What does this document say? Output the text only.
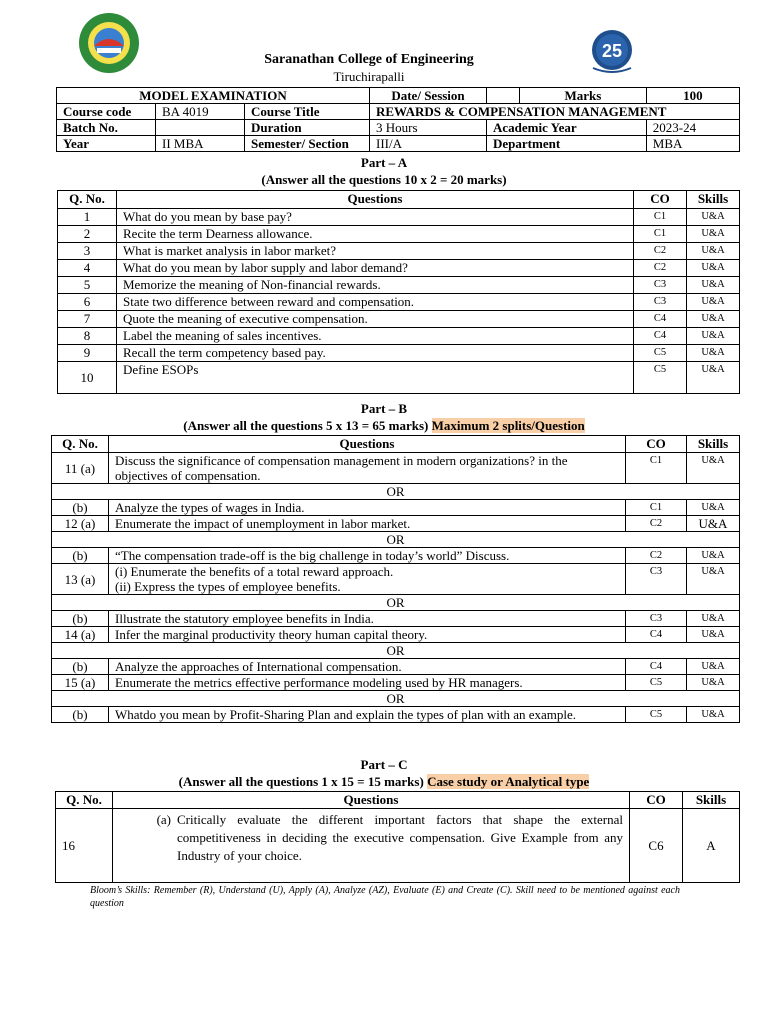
25
Saranathan College of Engineering
Tiruchirapalli
MODEL EXAMINATION			Date/ Session		Marks	100
Course code	BA 4019	Course Title	REWARDS & COMPENSATION MANAGEMENT			
Batch No.		Duration	3 Hours	Academic Year		2023-24
Year	II MBA	Semester/ Section	III/A	Department		MBA
Part – A
(Answer all the questions 10 x 2 = 20 marks)
Q. No.	Questions	CO	Skills
1	What do you mean by base pay?	C1	U&A
2	Recite the term Dearness allowance.	C1	U&A
3	What is market analysis in labor market?	C2	U&A
4	What do you mean by labor supply and labor demand?	C2	U&A
5	Memorize the meaning of Non-financial rewards.	C3	U&A
6	State two difference between reward and compensation.	C3	U&A
7	Quote the meaning of executive compensation.	C4	U&A
8	Label the meaning of sales incentives.	C4	U&A
9	Recall the term competency based pay.	C5	U&A
10	Define ESOPs	C5	U&A
Part – B
(Answer all the questions 5 x 13 = 65 marks) Maximum 2 splits/Question
Q. No.	Questions	CO	Skills
11 (a)	Discuss the significance of compensation management in modern organizations? in the objectives of compensation.	C1	U&A
OR			
(b)	Analyze the types of wages in India.	C1	U&A
12 (a)	Enumerate the impact of unemployment in labor market.	C2	U&A
OR			
(b)	“The compensation trade-off is the big challenge in today’s world” Discuss.	C2	U&A
13 (a)	(i) Enumerate the benefits of a total reward approach.
(ii) Express the types of employee benefits.	C3	U&A
OR			
(b)	Illustrate the statutory employee benefits in India.	C3	U&A
14 (a)	Infer the marginal productivity theory human capital theory.	C4	U&A
OR			
(b)	Analyze the approaches of International compensation.	C4	U&A
15 (a)	Enumerate the metrics effective performance modeling used by HR managers.	C5	U&A
OR			
(b)	Whatdo you mean by Profit-Sharing Plan and explain the types of plan with an example.	C5	U&A
Part – C
(Answer all the questions 1 x 15 = 15 marks) Case study or Analytical type
Q. No.	Questions	CO	Skills
16	(a) Critically evaluate the different important factors that shape the external competitiveness in deciding the executive compensation. Give Example from any Industry of your choice.	C6	A
Bloom’s Skills: Remember (R), Understand (U), Apply (A), Analyze (AZ), Evaluate (E) and Create (C). Skill need to be mentioned against each question
